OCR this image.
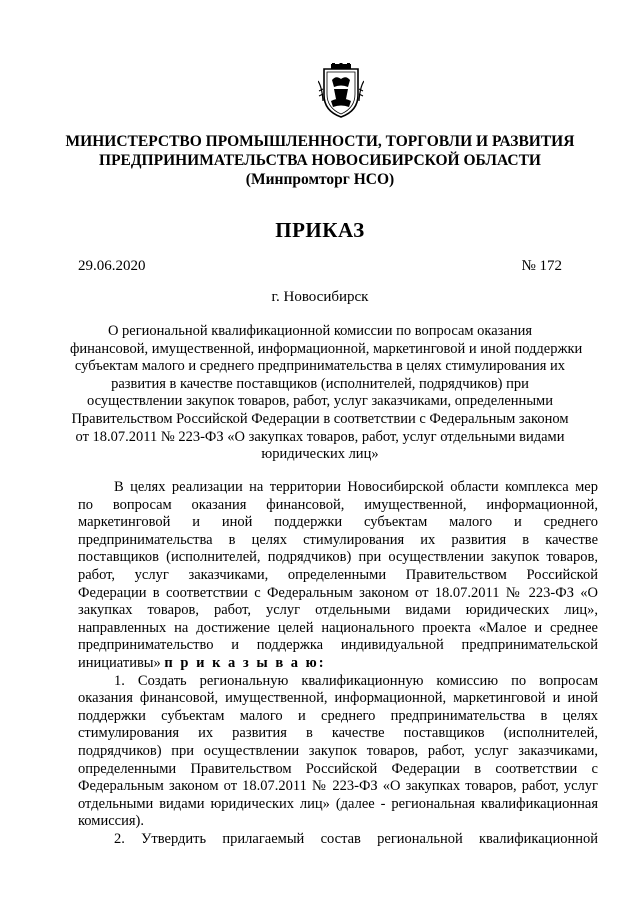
МИНИСТЕРСТВО ПРОМЫШЛЕННОСТИ, ТОРГОВЛИ И РАЗВИТИЯ
ПРЕДПРИНИМАТЕЛЬСТВА НОВОСИБИРСКОЙ ОБЛАСТИ
(Минпромторг НСО)
ПРИКАЗ
29.06.2020	№ 172
г. Новосибирск
О региональной квалификационной комиссии по вопросам оказания
финансовой, имущественной, информационной, маркетинговой и иной поддержки
субъектам малого и среднего предпринимательства в целях стимулирования их
развития в качестве поставщиков (исполнителей, подрядчиков) при
осуществлении закупок товаров, работ, услуг заказчиками, определенными
Правительством Российской Федерации в соответствии с Федеральным законом
от 18.07.2011 № 223-ФЗ «О закупках товаров, работ, услуг отдельными видами
юридических лиц»
В целях реализации на территории Новосибирской области комплекса мер
по вопросам оказания финансовой, имущественной, информационной,
маркетинговой и иной поддержки субъектам малого и среднего
предпринимательства в целях стимулирования их развития в качестве
поставщиков (исполнителей, подрядчиков) при осуществлении закупок товаров,
работ, услуг заказчиками, определенными Правительством Российской
Федерации в соответствии с Федеральным законом от 18.07.2011 № 223-ФЗ «О
закупках товаров, работ, услуг отдельными видами юридических лиц»,
направленных на достижение целей национального проекта «Малое и среднее
предпринимательство и поддержка индивидуальной предпринимательской
инициативы» п р и к а з ы в а ю:
1. Создать региональную квалификационную комиссию по вопросам
оказания финансовой, имущественной, информационной, маркетинговой и иной
поддержки субъектам малого и среднего предпринимательства в целях
стимулирования их развития в качестве поставщиков (исполнителей,
подрядчиков) при осуществлении закупок товаров, работ, услуг заказчиками,
определенными Правительством Российской Федерации в соответствии с
Федеральным законом от 18.07.2011 № 223-ФЗ «О закупках товаров, работ, услуг
отдельными видами юридических лиц» (далее - региональная квалификационная
комиссия).
2. Утвердить прилагаемый состав региональной квалификационной
